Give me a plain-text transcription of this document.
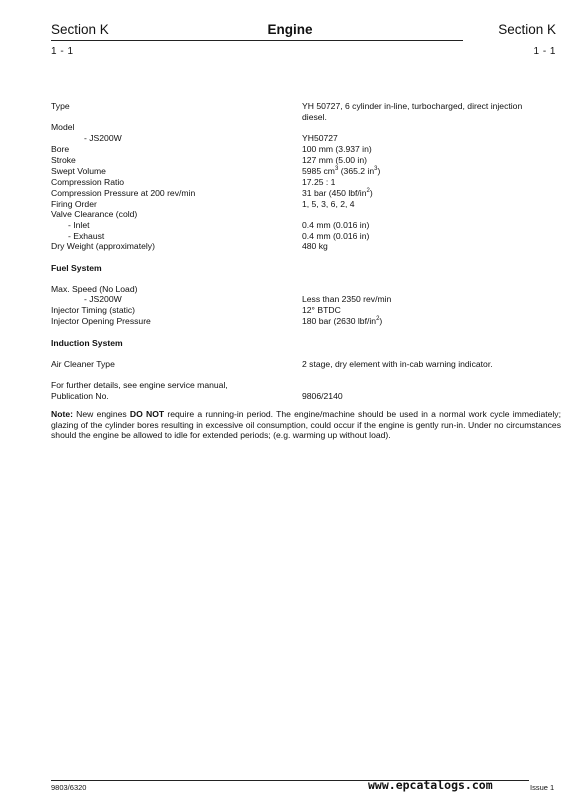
Section K	Engine	Section K
1 - 1	1 - 1
Type	YH 50727, 6 cylinder in-line, turbocharged, direct injection
diesel.
Model
- JS200W	YH50727
Bore	100 mm (3.937 in)
Stroke	127 mm (5.00 in)
Swept Volume	5985 $cm^3$ (365.2 $in^3$)
Compression Ratio	17.25 : 1
Compression Pressure at 200 rev/min	31 bar (450 lbf/$in^2$)
Firing Order	1, 5, 3, 6, 2, 4
Valve Clearance (cold)
- Inlet	0.4 mm (0.016 in)
- Exhaust	0.4 mm (0.016 in)
Dry Weight (approximately)	480 kg
Fuel System
Max. Speed (No Load)
- JS200W	Less than 2350 rev/min
Injector Timing (static)	12° BTDC
Injector Opening Pressure	180 bar (2630 lbf/$in^2$)
Induction System
Air Cleaner Type	2 stage, dry element with in-cab warning indicator.
For further details, see engine service manual,
Publication No.	9806/2140
Note: New engines DO NOT require a running-in period. The engine/machine should be used in a normal work cycle immediately; glazing of the cylinder bores resulting in excessive oil consumption, could occur if the engine is gently run-in. Under no circumstances should the engine be allowed to idle for extended periods; (e.g. warming up without load).
9803/6320	www.epcatalogs.com	Issue 1
